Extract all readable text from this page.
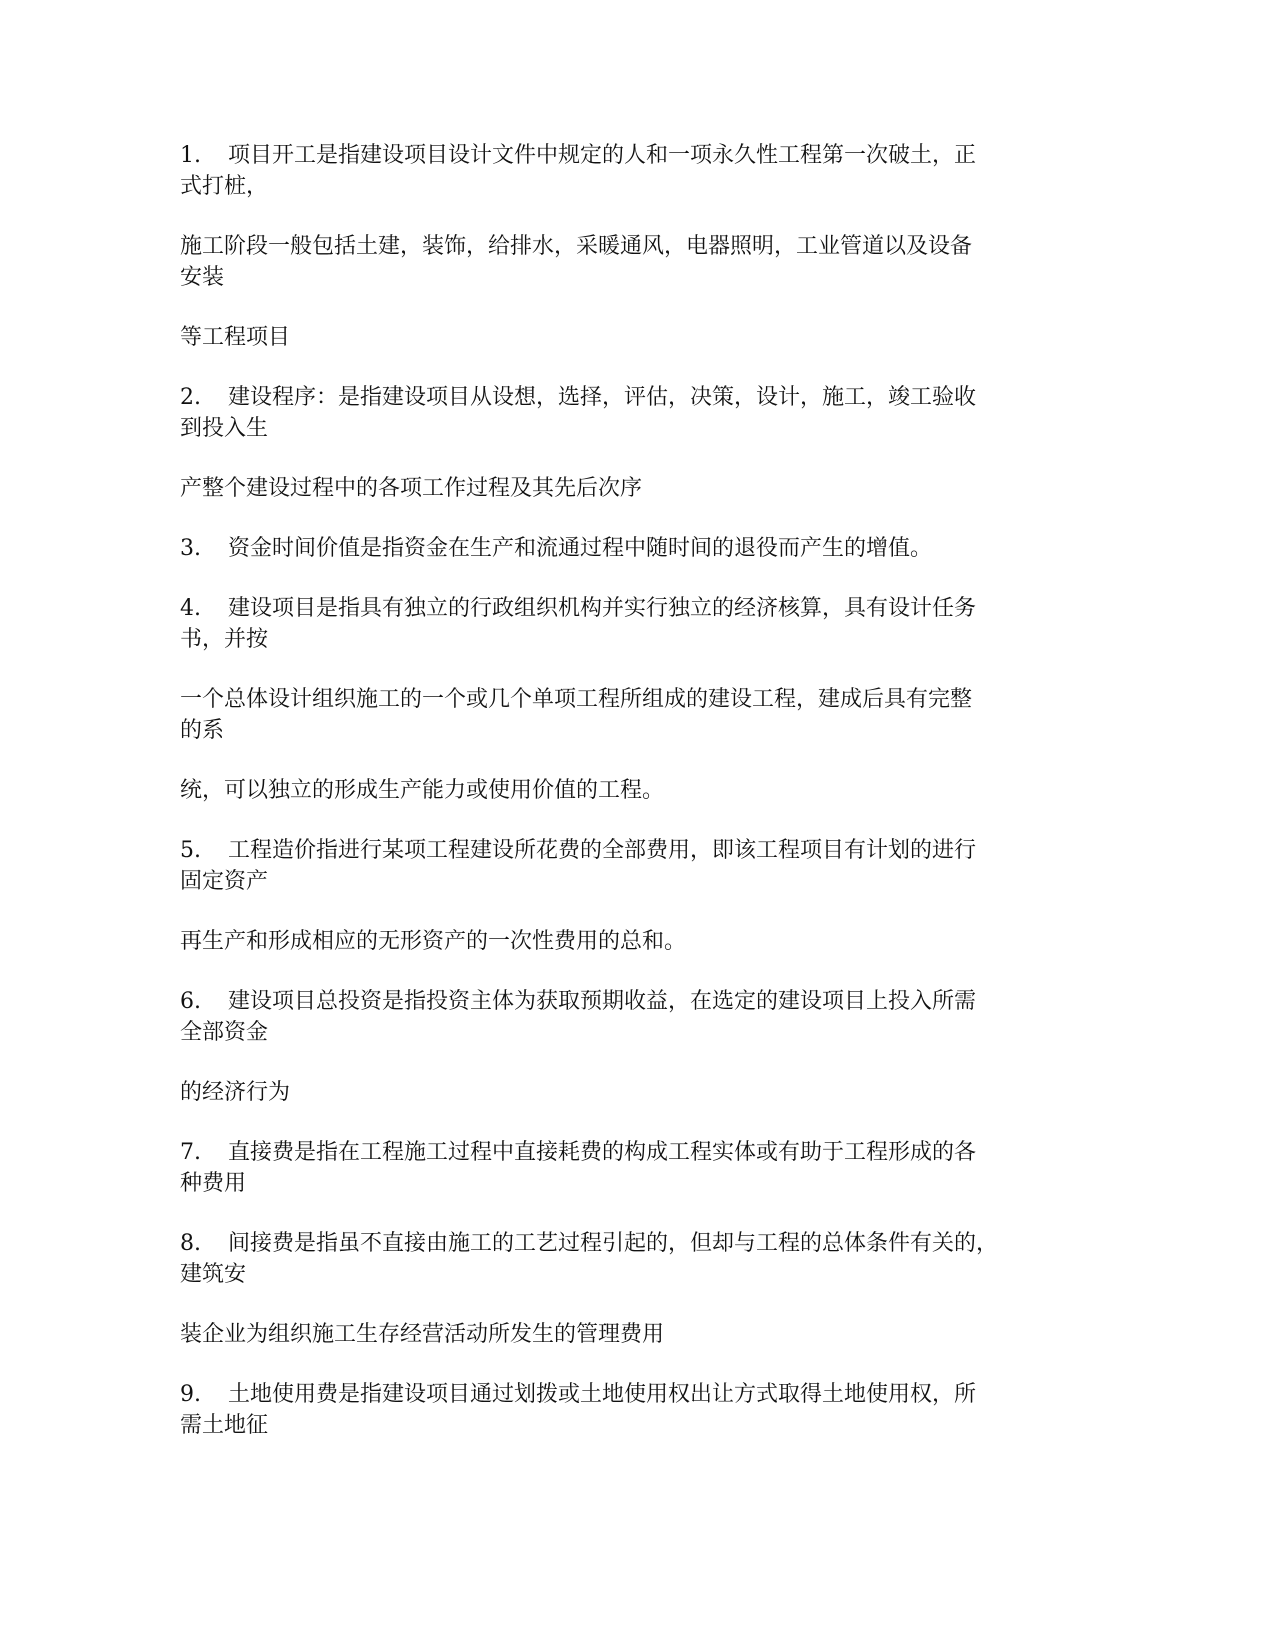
1. 项目开工是指建设项目设计文件中规定的人和一项永久性工程第一次破土，正
式打桩，
施工阶段一般包括土建，装饰，给排水，采暖通风，电器照明，工业管道以及设备
安装
等工程项目
2. 建设程序：是指建设项目从设想，选择，评估，决策，设计，施工，竣工验收
到投入生
产整个建设过程中的各项工作过程及其先后次序
3. 资金时间价值是指资金在生产和流通过程中随时间的退役而产生的增值。
4. 建设项目是指具有独立的行政组织机构并实行独立的经济核算，具有设计任务
书，并按
一个总体设计组织施工的一个或几个单项工程所组成的建设工程，建成后具有完整
的系
统，可以独立的形成生产能力或使用价值的工程。
5. 工程造价指进行某项工程建设所花费的全部费用，即该工程项目有计划的进行
固定资产
再生产和形成相应的无形资产的一次性费用的总和。
6. 建设项目总投资是指投资主体为获取预期收益，在选定的建设项目上投入所需
全部资金
的经济行为
7. 直接费是指在工程施工过程中直接耗费的构成工程实体或有助于工程形成的各
种费用
8. 间接费是指虽不直接由施工的工艺过程引起的，但却与工程的总体条件有关的，
建筑安
装企业为组织施工生存经营活动所发生的管理费用
9. 土地使用费是指建设项目通过划拨或土地使用权出让方式取得土地使用权，所
需土地征
